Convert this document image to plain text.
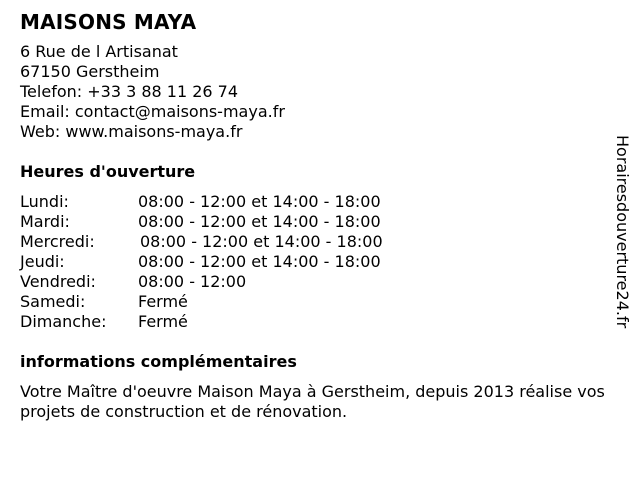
MAISONS MAYA
6 Rue de l Artisanat
67150 Gerstheim
Telefon: +33 3 88 11 26 74
Email: contact@maisons-maya.fr
Web: www.maisons-maya.fr
Heures d'ouverture
Lundi:	08:00 - 12:00 et 14:00 - 18:00
Mardi:	08:00 - 12:00 et 14:00 - 18:00
Mercredi:	08:00 - 12:00 et 14:00 - 18:00
Jeudi:	08:00 - 12:00 et 14:00 - 18:00
Vendredi:	08:00 - 12:00
Samedi:	Fermé
Dimanche:	Fermé
informations complémentaires
Votre Maître d'oeuvre Maison Maya à Gerstheim, depuis 2013 réalise vos projets de construction et de rénovation.
Horairesdouverture24.fr
